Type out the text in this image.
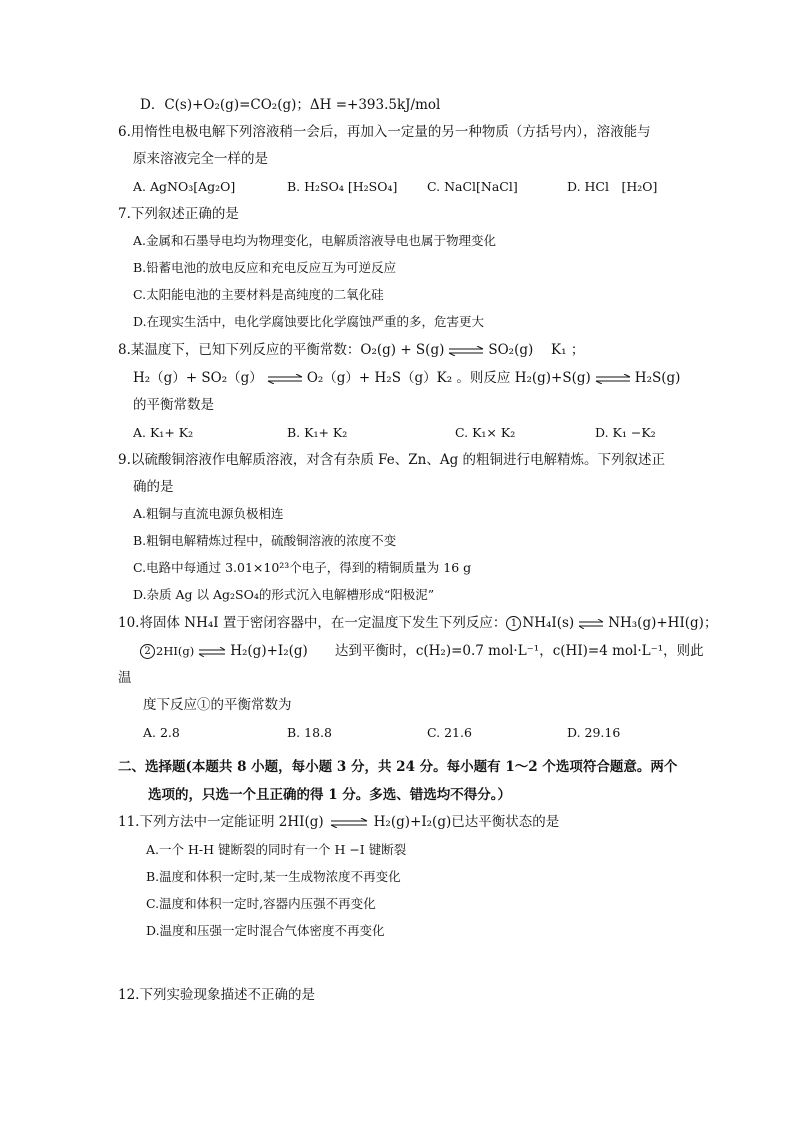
D．C(s)+O₂(g)=CO₂(g)；ΔH =+393.5kJ/mol
6.用惰性电极电解下列溶液稍一会后，再加入一定量的另一种物质（方括号内），溶液能与
原来溶液完全一样的是
A. AgNO₃[Ag₂O]	B. H₂SO₄ [H₂SO₄] C. NaCl[NaCl]	D. HCl　[H₂O]
7.下列叙述正确的是
A.金属和石墨导电均为物理变化，电解质溶液导电也属于物理变化
B.铅蓄电池的放电反应和充电反应互为可逆反应
C.太阳能电池的主要材料是高纯度的二氧化硅
D.在现实生活中，电化学腐蚀要比化学腐蚀严重的多，危害更大
8.某温度下，已知下列反应的平衡常数：O₂(g) + S(g) ⇌ SO₂(g)　 K₁ ；
H₂（g）+ SO₂（g） ⇌ O₂（g）+ H₂S（g）K₂ 。则反应 H₂(g)+S(g) ⇌ H₂S(g)
的平衡常数是
A. K₁+ K₂	B. K₁+ K₂	C. K₁× K₂	D. K₁ −K₂
9.以硫酸铜溶液作电解质溶液，对含有杂质 Fe、Zn、Ag 的粗铜进行电解精炼。下列叙述正
确的是
A.粗铜与直流电源负极相连
B.粗铜电解精炼过程中，硫酸铜溶液的浓度不变
C.电路中每通过 3.01×10²³个电子，得到的精铜质量为 16 g
D.杂质 Ag 以 Ag₂SO₄的形式沉入电解槽形成“阳极泥”
10.将固体 NH₄I 置于密闭容器中，在一定温度下发生下列反应： 1 NH₄I(s) ⇌ NH₃(g)+HI(g)；
2 2HI(g) ⇌ H₂(g)+I₂(g)　　达到平衡时，c(H₂)=0.7 mol·L⁻¹，c(HI)=4 mol·L⁻¹，则此
温
度下反应①的平衡常数为
A. 2.8	B. 18.8	C. 21.6	D. 29.16
二、选择题(本题共 8 小题，每小题 3 分，共 24 分。每小题有 1～2 个选项符合题意。两个
选项的，只选一个且正确的得 1 分。多选、错选均不得分。）
11.下列方法中一定能证明 2HI(g) ⇌ H₂(g)+I₂(g)已达平衡状态的是
A.一个 H-H 键断裂的同时有一个 H −I 键断裂
B.温度和体积一定时,某一生成物浓度不再变化
C.温度和体积一定时,容器内压强不再变化
D.温度和压强一定时混合气体密度不再变化
12.下列实验现象描述不正确的是
